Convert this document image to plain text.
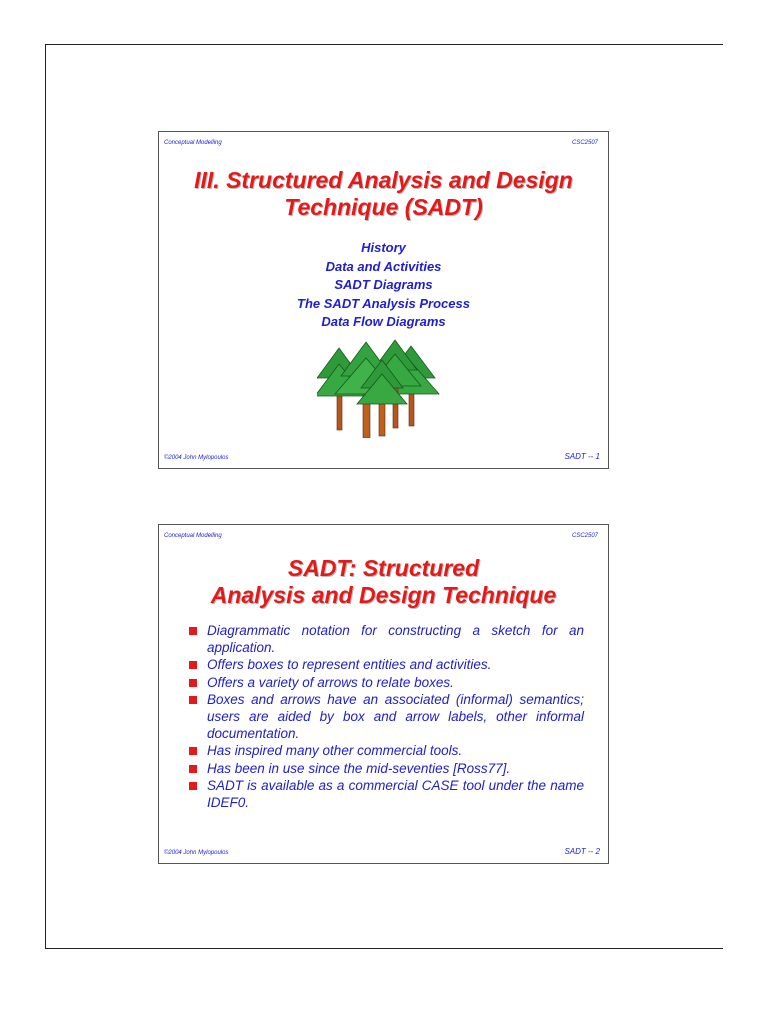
Conceptual Modelling	CSC2507
III. Structured Analysis and Design
Technique (SADT)
History
Data and Activities
SADT Diagrams
The SADT Analysis Process
Data Flow Diagrams
©2004 John Mylopoulos	SADT -- 1
Conceptual Modelling	CSC2507
SADT: Structured
Analysis and Design Technique
Diagrammatic notation for constructing a sketch for an application.
Offers boxes to represent entities and activities.
Offers a variety of arrows to relate boxes.
Boxes and arrows have an associated (informal) semantics; users are aided by box and arrow labels, other informal documentation.
Has inspired many other commercial tools.
Has been in use since the mid-seventies [Ross77].
SADT is available as a commercial CASE tool under the name IDEF0.
©2004 John Mylopoulos	SADT -- 2
